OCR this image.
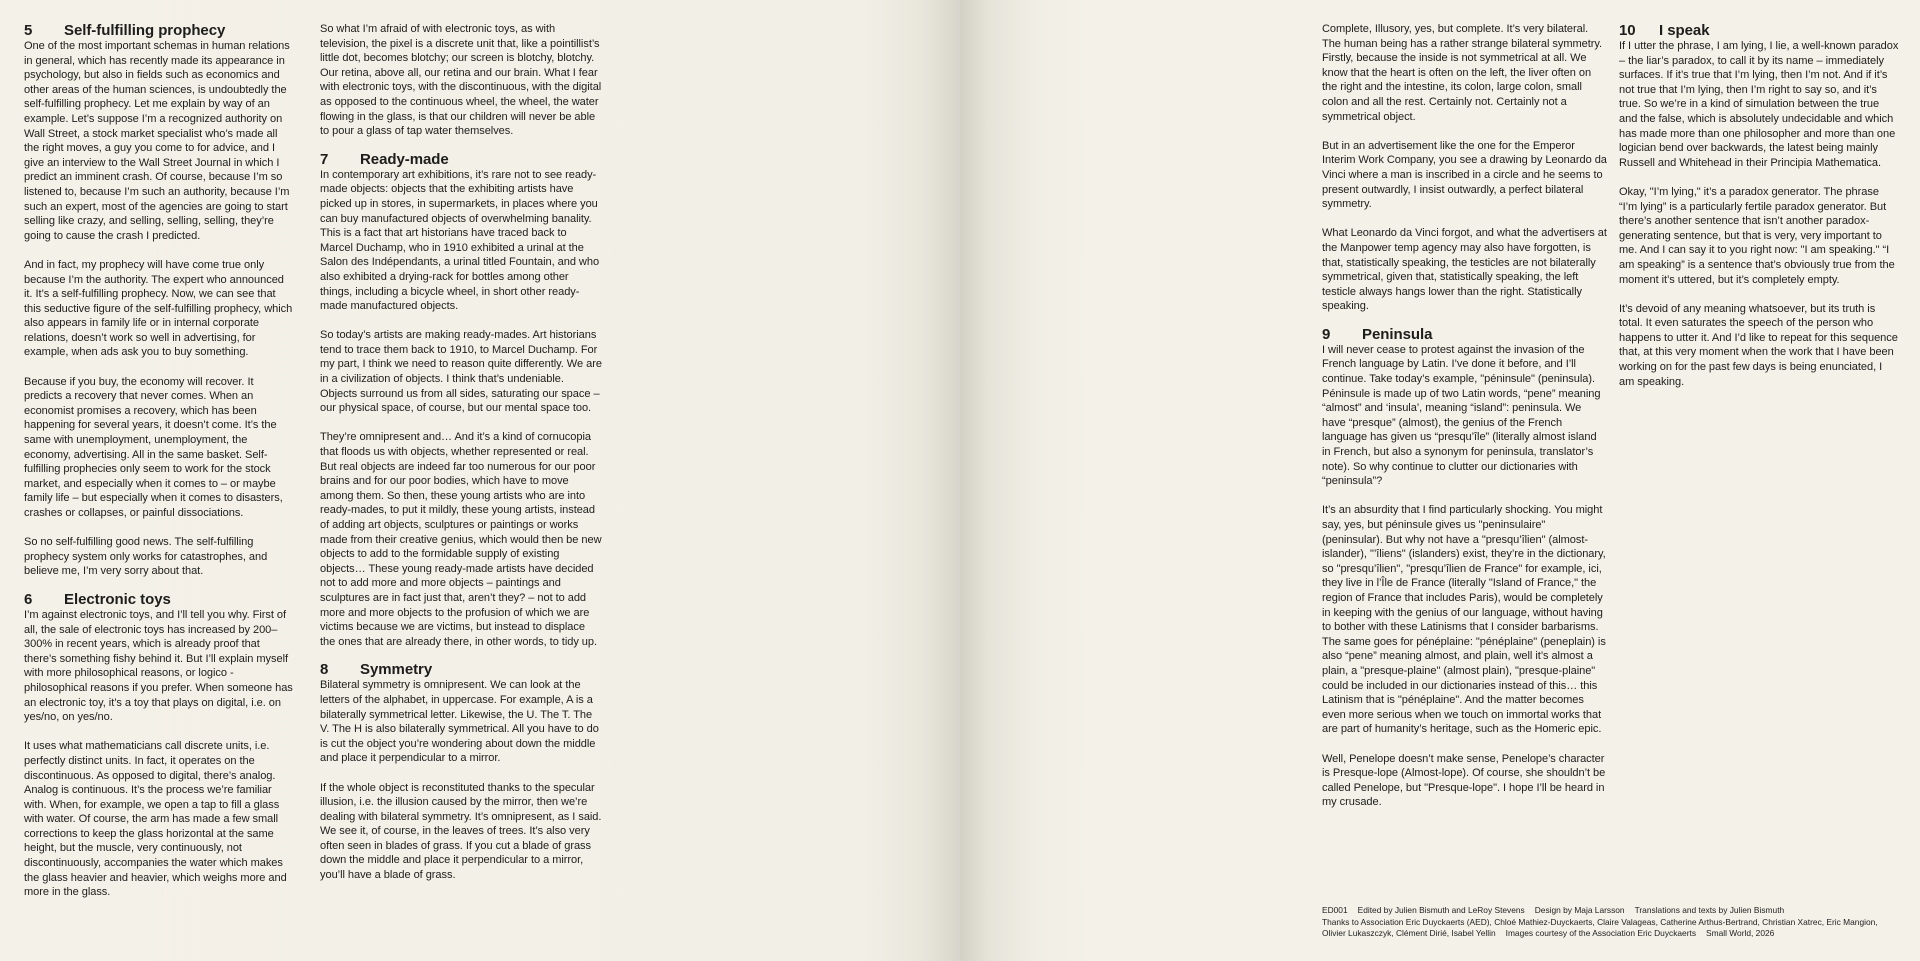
5	Self-fulfilling prophecy

One of the most important schemas in human relations in general, which has recently made its appearance in psychology, but also in fields such as economics and other areas of the human sciences, is undoubtedly the self-fulfilling prophecy. Let me explain by way of an example. Let’s suppose I’m a recognized authority on Wall Street, a stock market specialist who’s made all the right moves, a guy you come to for advice, and I give an interview to the Wall Street Journal in which I predict an imminent crash. Of course, because I’m so listened to, because I’m such an authority, because I’m such an expert, most of the agencies are going to start selling like crazy, and selling, selling, selling, they’re going to cause the crash I predicted.

And in fact, my prophecy will have come true only because I’m the authority. The expert who announced it. It’s a self-fulfilling prophecy. Now, we can see that this seductive figure of the self-fulfilling prophecy, which also appears in family life or in internal corporate relations, doesn’t work so well in advertising, for example, when ads ask you to buy something.

Because if you buy, the economy will recover. It predicts a recovery that never comes. When an economist promises a recovery, which has been happening for several years, it doesn’t come. It’s the same with unemployment, unemployment, the economy, advertising. All in the same basket. Self-fulfilling prophecies only seem to work for the stock market, and especially when it comes to – or maybe family life – but especially when it comes to disasters, crashes or collapses, or painful dissociations.

So no self-fulfilling good news. The self-fulfilling prophecy system only works for catastrophes, and believe me, I’m very sorry about that.

6	Electronic toys

I’m against electronic toys, and I’ll tell you why. First of all, the sale of electronic toys has increased by 200–300% in recent years, which is already proof that there’s something fishy behind it. But I’ll explain myself with more philosophical reasons, or logico -philosophical reasons if you prefer. When someone has an electronic toy, it’s a toy that plays on digital, i.e. on yes/no, on yes/no.

It uses what mathematicians call discrete units, i.e. perfectly distinct units. In fact, it operates on the discontinuous. As opposed to digital, there’s analog. Analog is continuous. It’s the process we’re familiar with. When, for example, we open a tap to fill a glass with water. Of course, the arm has made a few small corrections to keep the glass horizontal at the same height, but the muscle, very continuously, not discontinuously, accompanies the water which makes the glass heavier and heavier, which weighs more and more in the glass.

So what I’m afraid of with electronic toys, as with television, the pixel is a discrete unit that, like a pointillist’s little dot, becomes blotchy; our screen is blotchy, blotchy. Our retina, above all, our retina and our brain. What I fear with electronic toys, with the discontinuous, with the digital as opposed to the continuous wheel, the wheel, the water flowing in the glass, is that our children will never be able to pour a glass of tap water themselves.

7	Ready-made

In contemporary art exhibitions, it’s rare not to see ready-made objects: objects that the exhibiting artists have picked up in stores, in supermarkets, in places where you can buy manufactured objects of overwhelming banality. This is a fact that art historians have traced back to Marcel Duchamp, who in 1910 exhibited a urinal at the Salon des Indépendants, a urinal titled Fountain, and who also exhibited a drying-rack for bottles among other things, including a bicycle wheel, in short other ready-made manufactured objects.

So today’s artists are making ready-mades. Art historians tend to trace them back to 1910, to Marcel Duchamp. For my part, I think we need to reason quite differently. We are in a civilization of objects. I think that’s undeniable. Objects surround us from all sides, saturating our space – our physical space, of course, but our mental space too.

They’re omnipresent and… And it’s a kind of cornucopia that floods us with objects, whether represented or real. But real objects are indeed far too numerous for our poor brains and for our poor bodies, which have to move among them. So then, these young artists who are into ready-mades, to put it mildly, these young artists, instead of adding art objects, sculptures or paintings or works made from their creative genius, which would then be new objects to add to the formidable supply of existing objects… These young ready-made artists have decided not to add more and more objects – paintings and sculptures are in fact just that, aren’t they? – not to add more and more objects to the profusion of which we are victims because we are victims, but instead to displace the ones that are already there, in other words, to tidy up.

8	Symmetry

Bilateral symmetry is omnipresent. We can look at the letters of the alphabet, in uppercase. For example, A is a bilaterally symmetrical letter. Likewise, the U. The T. The V. The H is also bilaterally symmetrical. All you have to do is cut the object you’re wondering about down the middle and place it perpendicular to a mirror.

If the whole object is reconstituted thanks to the specular illusion, i.e. the illusion caused by the mirror, then we’re dealing with bilateral symmetry. It’s omnipresent, as I said. We see it, of course, in the leaves of trees. It’s also very often seen in blades of grass. If you cut a blade of grass down the middle and place it perpendicular to a mirror, you’ll have a blade of grass.

Complete, Illusory, yes, but complete. It’s very bilateral. The human being has a rather strange bilateral symmetry. Firstly, because the inside is not symmetrical at all. We know that the heart is often on the left, the liver often on the right and the intestine, its colon, large colon, small colon and all the rest. Certainly not. Certainly not a symmetrical object.

But in an advertisement like the one for the Emperor Interim Work Company, you see a drawing by Leonardo da Vinci where a man is inscribed in a circle and he seems to present outwardly, I insist outwardly, a perfect bilateral symmetry.

What Leonardo da Vinci forgot, and what the advertisers at the Manpower temp agency may also have forgotten, is that, statistically speaking, the testicles are not bilaterally symmetrical, given that, statistically speaking, the left testicle always hangs lower than the right. Statistically speaking.

9	Peninsula

I will never cease to protest against the invasion of the French language by Latin. I’ve done it before, and I’ll continue. Take today’s example, "péninsule" (peninsula). Péninsule is made up of two Latin words, “pene” meaning “almost” and ‘insula’, meaning “island”: peninsula. We have “presque” (almost), the genius of the French language has given us “presqu’île” (literally almost island in French, but also a synonym for peninsula, translator’s note). So why continue to clutter our dictionaries with “peninsula”?

It’s an absurdity that I find particularly shocking. You might say, yes, but péninsule gives us "peninsulaire" (peninsular). But why not have a "presqu’îlien" (almost-islander), "’îliens" (islanders) exist, they’re in the dictionary, so "presqu’îlien", "presqu’îlien de France" for example, ici, they live in l’Île de France (literally "Island of France," the region of France that includes Paris), would be completely in keeping with the genius of our language, without having to bother with these Latinisms that I consider barbarisms. The same goes for pénéplaine: "pénéplaine" (peneplain) is also “pene” meaning almost, and plain, well it’s almost a plain, a "presque-plaine" (almost plain), "presque-plaine" could be included in our dictionaries instead of this… this Latinism that is "pénéplaine". And the matter becomes even more serious when we touch on immortal works that are part of humanity’s heritage, such as the Homeric epic.

Well, Penelope doesn’t make sense, Penelope’s character is Presque-lope (Almost-lope). Of course, she shouldn’t be called Penelope, but "Presque-lope". I hope I’ll be heard in my crusade.

10	I speak

If I utter the phrase, I am lying, I lie, a well-known paradox – the liar’s paradox, to call it by its name – immediately surfaces. If it’s true that I’m lying, then I’m not. And if it’s not true that I’m lying, then I’m right to say so, and it’s true. So we’re in a kind of simulation between the true and the false, which is absolutely undecidable and which has made more than one philosopher and more than one logician bend over backwards, the latest being mainly Russell and Whitehead in their Principia Mathematica.

Okay, "I’m lying," it’s a paradox generator. The phrase “I’m lying” is a particularly fertile paradox generator. But there’s another sentence that isn’t another paradox-generating sentence, but that is very, very important to me. And I can say it to you right now: "I am speaking." “I am speaking” is a sentence that’s obviously true from the moment it’s uttered, but it’s completely empty.

It’s devoid of any meaning whatsoever, but its truth is total. It even saturates the speech of the person who happens to utter it. And I’d like to repeat for this sequence that, at this very moment when the work that I have been working on for the past few days is being enunciated, I am speaking.

ED001 Edited by Julien Bismuth and LeRoy Stevens Design by Maja Larsson Translations and texts by Julien Bismuth
Thanks to Association Eric Duyckaerts (AED), Chloé Mathiez-Duyckaerts, Claire Valageas, Catherine Arthus-Bertrand, Christian Xatrec, Eric Mangion, Olivier Lukaszczyk, Clément Dirié, Isabel Yellin Images courtesy of the Association Eric Duyckaerts Small World, 2026
